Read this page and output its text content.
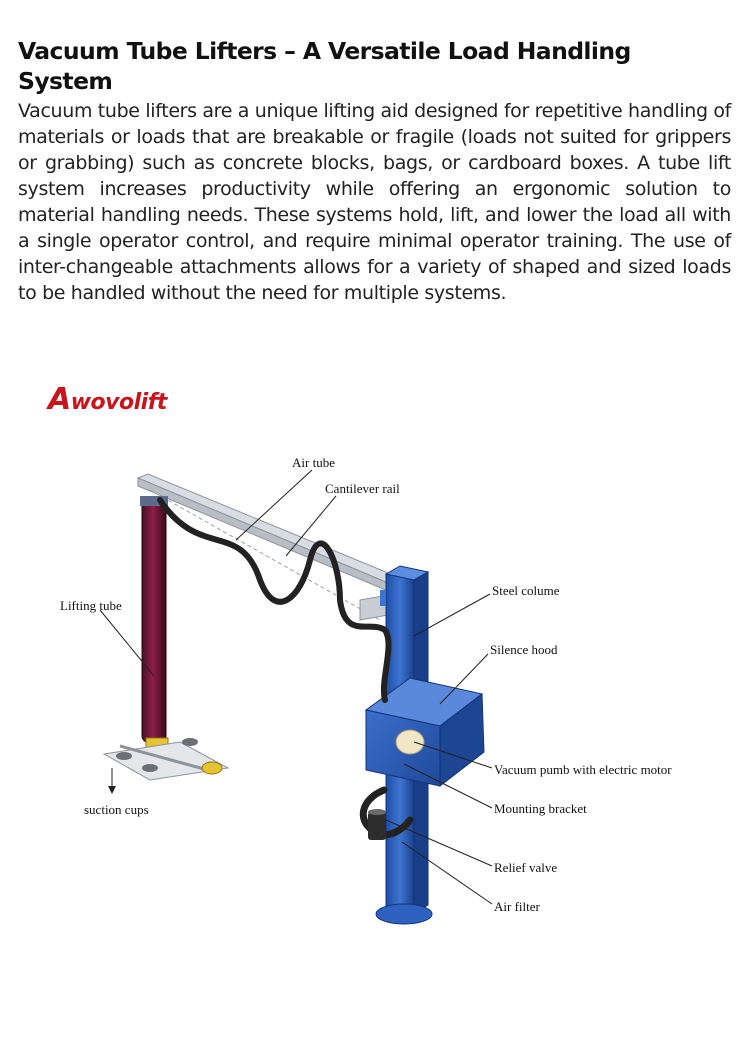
Vacuum Tube Lifters – A Versatile Load Handling System

Vacuum tube lifters are a unique lifting aid designed for repetitive handling of materials or loads that are breakable or fragile (loads not suited for grippers or grabbing) such as concrete blocks, bags, or cardboard boxes. A tube lift system increases productivity while offering an ergonomic solution to material handling needs. These systems hold, lift, and lower the load all with a single operator control, and require minimal operator training. The use of inter-changeable attachments allows for a variety of shaped and sized loads to be handled without the need for multiple systems.

Awovolift
Air tube
Cantilever rail
Lifting tube
Steel colume
Silence hood
Vacuum pumb with electric motor
Mounting bracket
Relief valve
Air filter
suction cups
